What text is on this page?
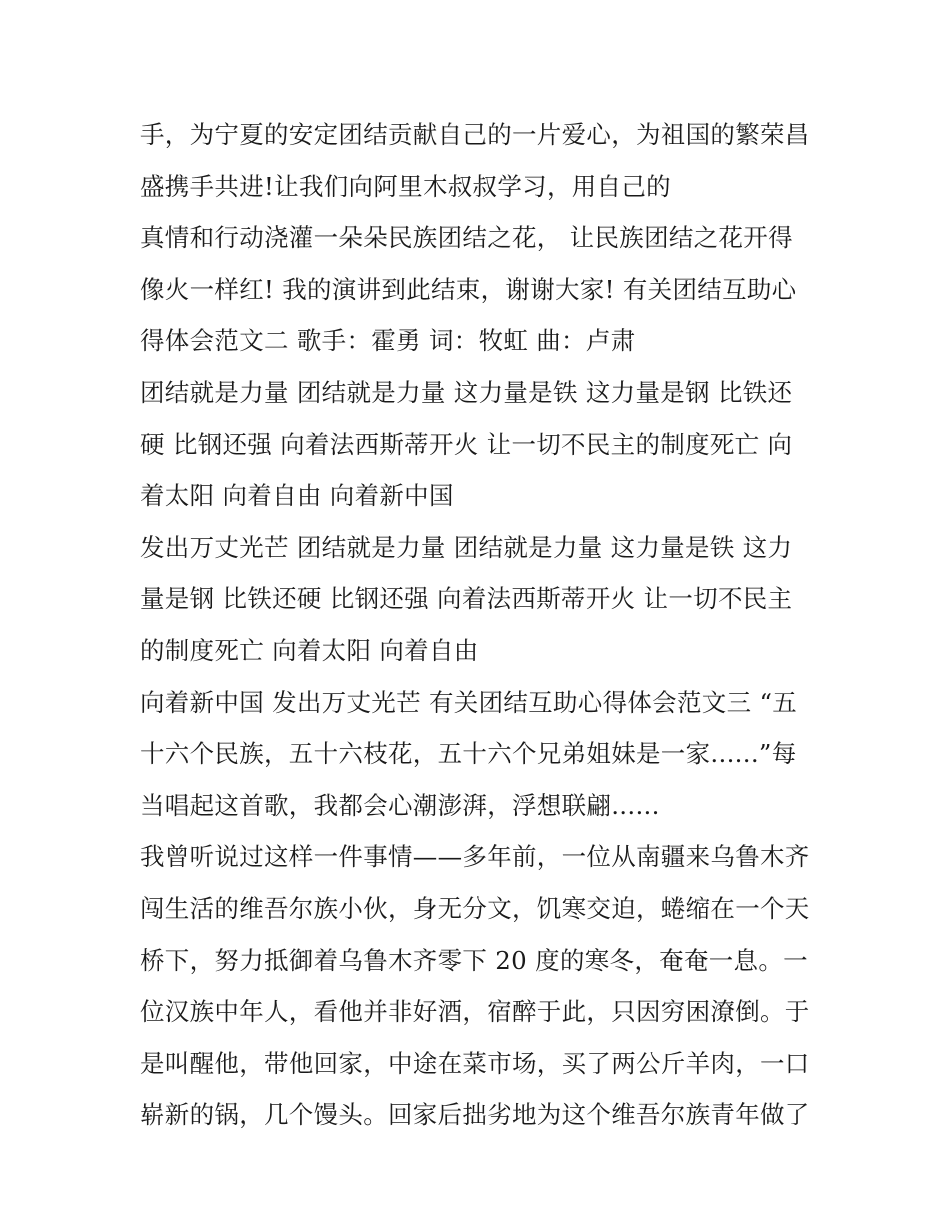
手，为宁夏的安定团结贡献自己的一片爱心，为祖国的繁荣昌
盛携手共进!让我们向阿里木叔叔学习，用自己的
真情和行动浇灌一朵朵民族团结之花， 让民族团结之花开得
像火一样红! 我的演讲到此结束，谢谢大家! 有关团结互助心
得体会范文二 歌手：霍勇 词：牧虹 曲：卢肃
团结就是力量 团结就是力量 这力量是铁 这力量是钢 比铁还
硬 比钢还强 向着法西斯蒂开火 让一切不民主的制度死亡 向
着太阳 向着自由 向着新中国
发出万丈光芒 团结就是力量 团结就是力量 这力量是铁 这力
量是钢 比铁还硬 比钢还强 向着法西斯蒂开火 让一切不民主
的制度死亡 向着太阳 向着自由
向着新中国 发出万丈光芒 有关团结互助心得体会范文三 “五
十六个民族，五十六枝花，五十六个兄弟姐妹是一家......”每
当唱起这首歌，我都会心潮澎湃，浮想联翩......
我曾听说过这样一件事情——多年前，一位从南疆来乌鲁木齐
闯生活的维吾尔族小伙，身无分文，饥寒交迫，蜷缩在一个天
桥下，努力抵御着乌鲁木齐零下 20 度的寒冬，奄奄一息。一
位汉族中年人，看他并非好酒，宿醉于此，只因穷困潦倒。于
是叫醒他，带他回家，中途在菜市场，买了两公斤羊肉，一口
崭新的锅，几个馒头。回家后拙劣地为这个维吾尔族青年做了
